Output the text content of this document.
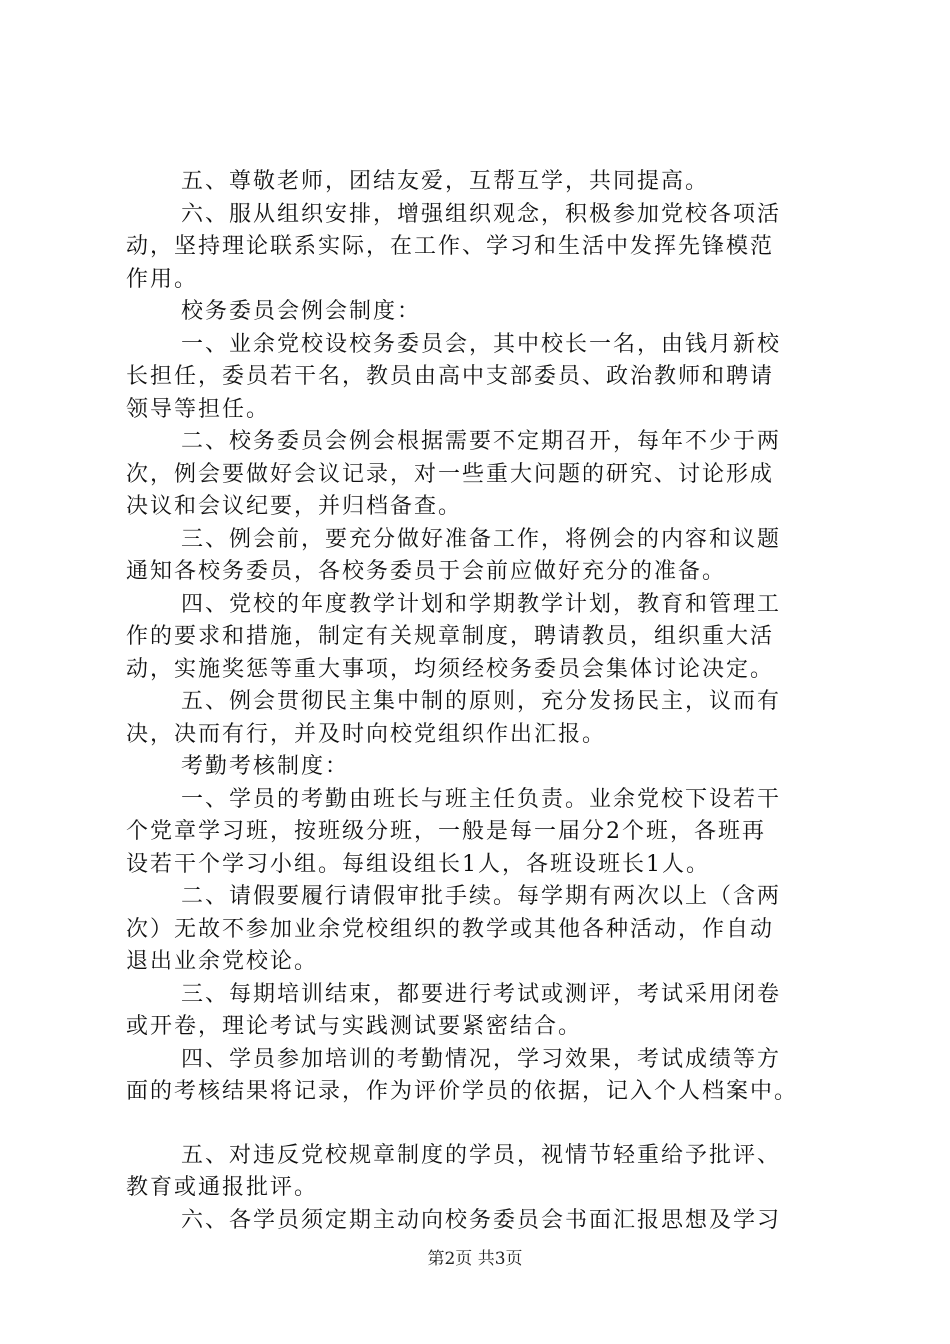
五、尊敬老师，团结友爱，互帮互学，共同提高。
六、服从组织安排，增强组织观念，积极参加党校各项活
动，坚持理论联系实际，在工作、学习和生活中发挥先锋模范
作用。
校务委员会例会制度：
一、业余党校设校务委员会，其中校长一名，由钱月新校
长担任，委员若干名，教员由高中支部委员、政治教师和聘请
领导等担任。
二、校务委员会例会根据需要不定期召开，每年不少于两
次，例会要做好会议记录，对一些重大问题的研究、讨论形成
决议和会议纪要，并归档备查。
三、例会前，要充分做好准备工作，将例会的内容和议题
通知各校务委员，各校务委员于会前应做好充分的准备。
四、党校的年度教学计划和学期教学计划，教育和管理工
作的要求和措施，制定有关规章制度，聘请教员，组织重大活
动，实施奖惩等重大事项，均须经校务委员会集体讨论决定。
五、例会贯彻民主集中制的原则，充分发扬民主，议而有
决，决而有行，并及时向校党组织作出汇报。
考勤考核制度：
一、学员的考勤由班长与班主任负责。业余党校下设若干
个党章学习班，按班级分班，一般是每一届分2个班，各班再
设若干个学习小组。每组设组长1人，各班设班长1人。
二、请假要履行请假审批手续。每学期有两次以上（含两
次）无故不参加业余党校组织的教学或其他各种活动，作自动
退出业余党校论。
三、每期培训结束，都要进行考试或测评，考试采用闭卷
或开卷，理论考试与实践测试要紧密结合。
四、学员参加培训的考勤情况，学习效果，考试成绩等方
面的考核结果将记录，作为评价学员的依据，记入个人档案中。
五、对违反党校规章制度的学员，视情节轻重给予批评、
教育或通报批评。
六、各学员须定期主动向校务委员会书面汇报思想及学习
第2页 共3页
